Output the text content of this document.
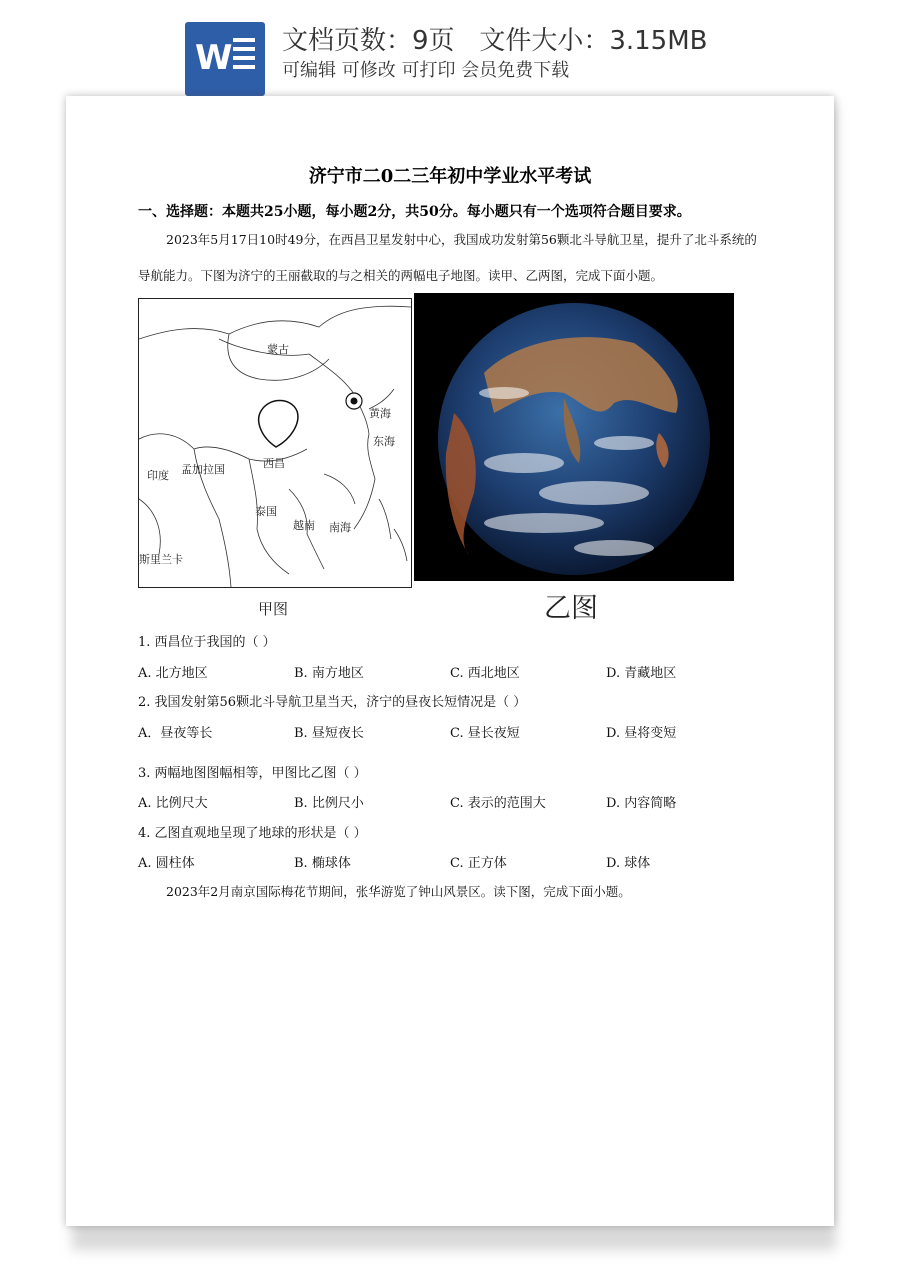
W 文档页数：9页   文件大小：3.15MB
可编辑 可修改 可打印 会员免费下载
济宁市二0二三年初中学业水平考试
一、选择题：本题共25小题，每小题2分，共50分。每小题只有一个选项符合题目要求。
2023年5月17日10时49分，在西昌卫星发射中心，我国成功发射第56颗北斗导航卫星，提升了北斗系统的导航能力。下图为济宁的王丽截取的与之相关的两幅电子地图。读甲、乙两图，完成下面小题。
蒙古
黄海
东海
西昌
印度 孟加拉国
泰国
越南 南海
斯里兰卡
甲图	乙图
1. 西昌位于我国的（ ）
A. 北方地区	B. 南方地区	C. 西北地区	D. 青藏地区
2. 我国发射第56颗北斗导航卫星当天，济宁的昼夜长短情况是（ ）
A．昼夜等长	B. 昼短夜长	C. 昼长夜短	D. 昼将变短
3. 两幅地图图幅相等，甲图比乙图（ ）
A. 比例尺大	B. 比例尺小	C. 表示的范围大	D. 内容简略
4. 乙图直观地呈现了地球的形状是（ ）
A. 圆柱体	B. 椭球体	C. 正方体	D. 球体
2023年2月南京国际梅花节期间，张华游览了钟山风景区。读下图，完成下面小题。
